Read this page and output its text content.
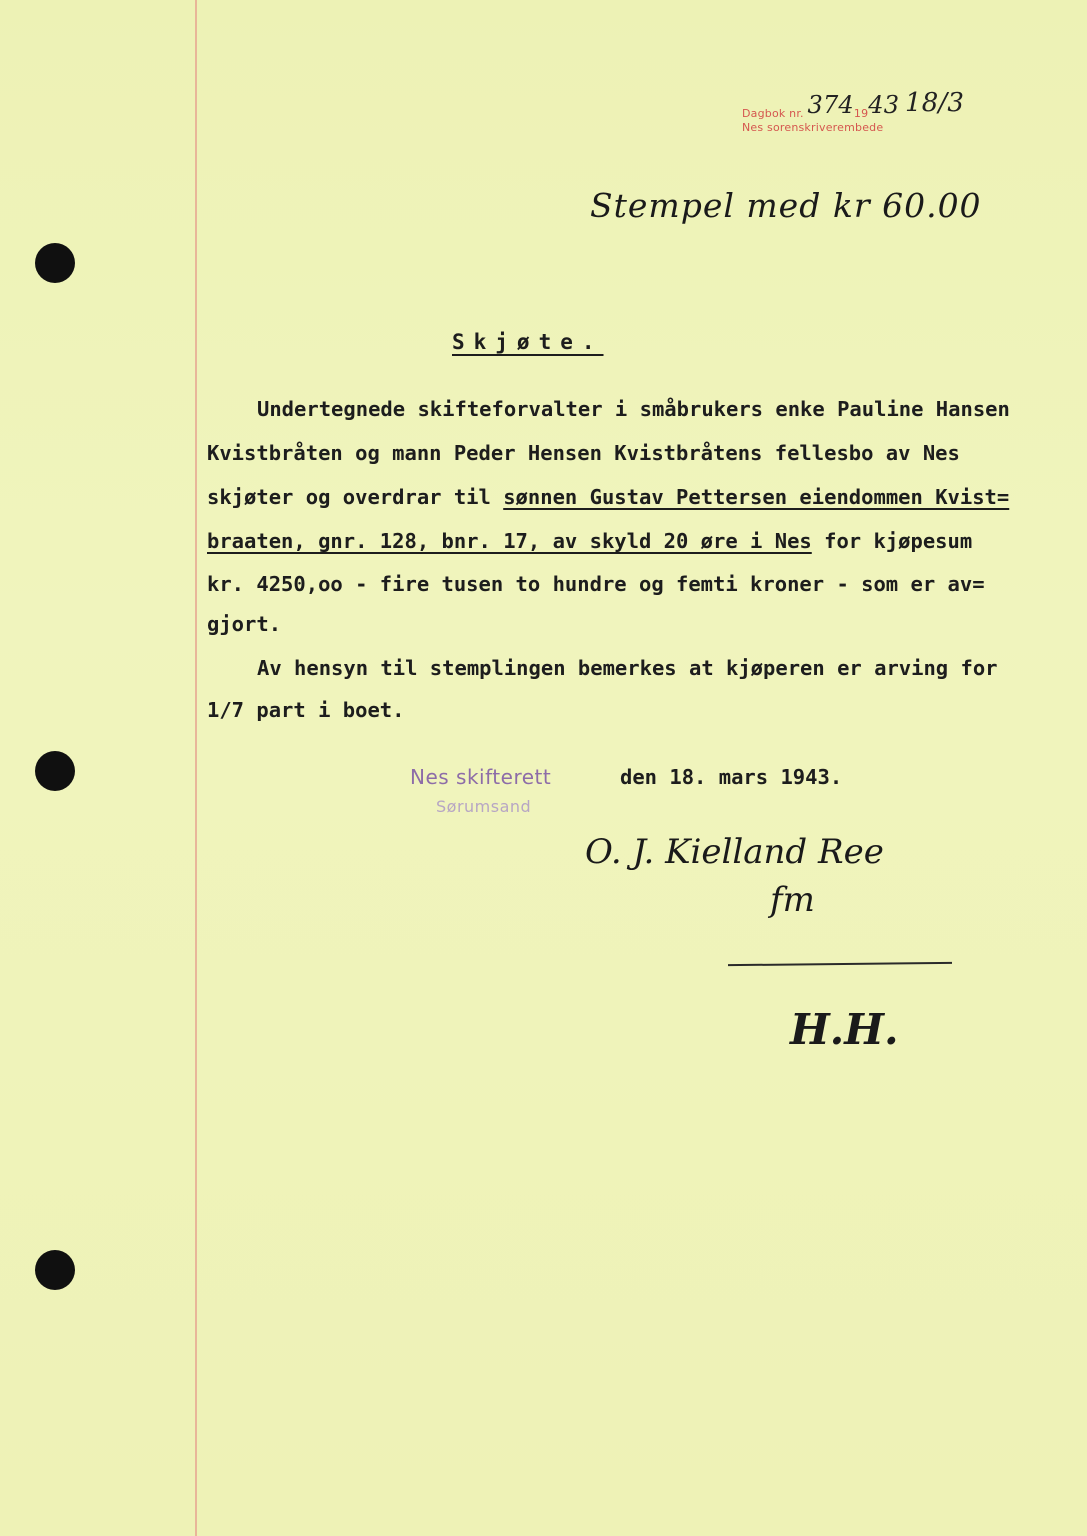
Dagbok nr. 3741943 18/3
Nes sorenskriverembede
Stempel med kr 60.00
Skjøte.
Undertegnede skifteforvalter i småbrukers enke Pauline Hansen
Kvistbråten og mann Peder Hensen Kvistbråtens fellesbo av Nes
skjøter og overdrar til sønnen Gustav Pettersen eiendommen Kvist=
braaten, gnr. 128, bnr. 17, av skyld 20 øre i Nes for kjøpesum
kr. 4250,oo - fire tusen to hundre og femti kroner - som er av=
gjort.
Av hensyn til stemplingen bemerkes at kjøperen er arving for
1/7 part i boet.
Nes skifterett
Sørumsand
den 18. mars 1943.
O. J. Kielland Ree
fm
H.H.
